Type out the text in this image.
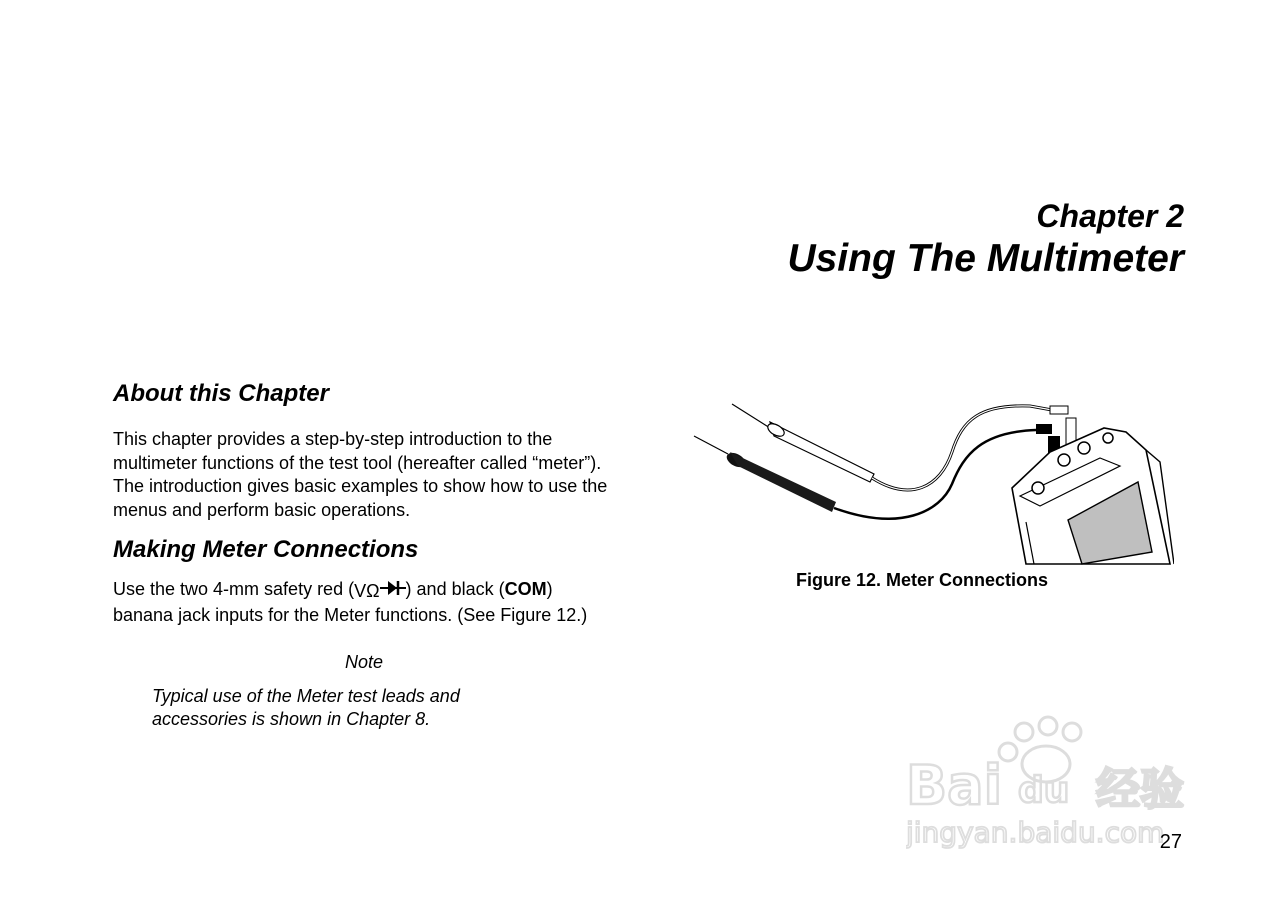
Chapter 2
Using The Multimeter
About this Chapter

This chapter provides a step-by-step introduction to the multimeter functions of the test tool (hereafter called “meter”). The introduction gives basic examples to show how to use the menus and perform basic operations.

Making Meter Connections

Use the two 4-mm safety red (VΩ ) and black (COM) banana jack inputs for the Meter functions. (See Figure 12.)

Note
Typical use of the Meter test leads and accessories is shown in Chapter 8.
Figure 12. Meter Connections
Bai du 经验
jingyan.baidu.com
27
